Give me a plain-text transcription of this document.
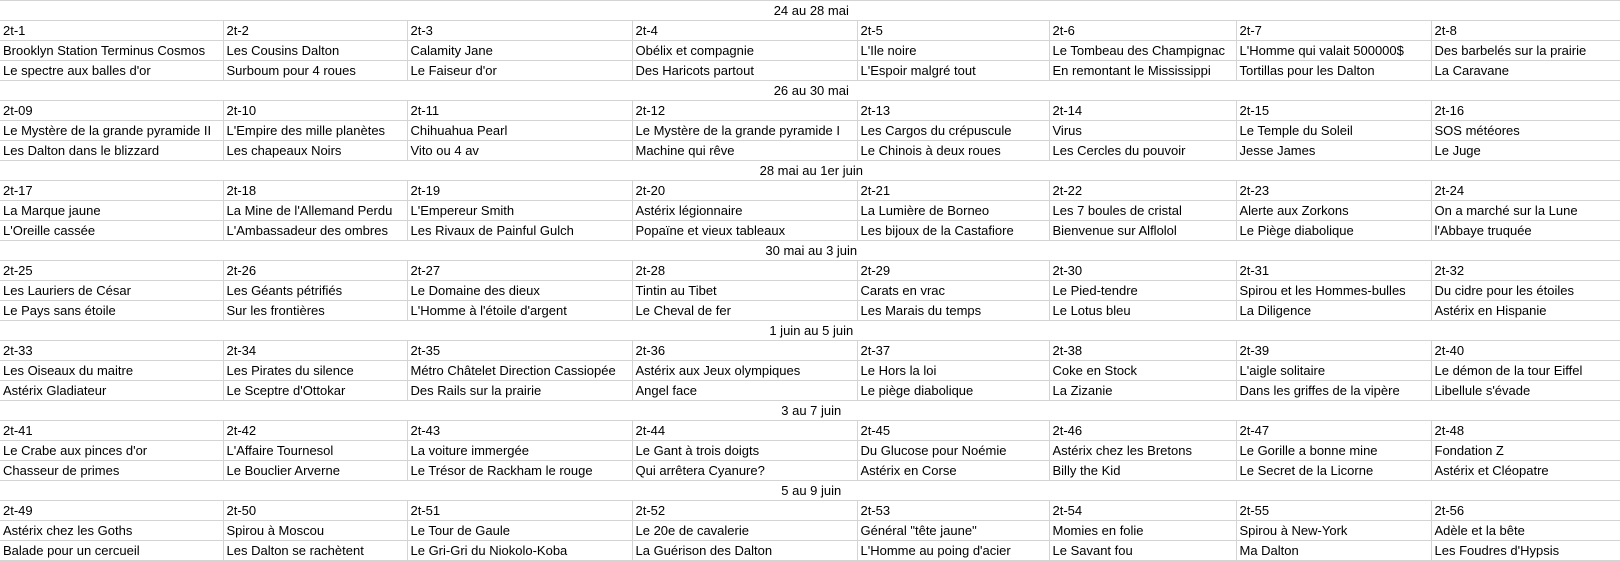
24 au 28 mai							
2t-1	2t-2	2t-3	2t-4	2t-5	2t-6	2t-7	2t-8
Brooklyn Station Terminus Cosmos	Les Cousins Dalton	Calamity Jane	Obélix et compagnie	L'Ile noire	Le Tombeau des Champignac	L'Homme qui valait 500000$	Des barbelés sur la prairie
Le spectre aux balles d'or	Surboum pour 4 roues	Le Faiseur d'or	Des Haricots partout	L'Espoir malgré tout	En remontant le Mississippi	Tortillas pour les Dalton	La Caravane
26 au 30 mai							
2t-09	2t-10	2t-11	2t-12	2t-13	2t-14	2t-15	2t-16
Le Mystère de la grande pyramide II	L'Empire des mille planètes	Chihuahua Pearl	Le Mystère de la grande pyramide I	Les Cargos du crépuscule	Virus	Le Temple du Soleil	SOS météores
Les Dalton dans le blizzard	Les chapeaux Noirs	Vito ou 4 av	Machine qui rêve	Le Chinois à deux roues	Les Cercles du pouvoir	Jesse James	Le Juge
28 mai au 1er juin							
2t-17	2t-18	2t-19	2t-20	2t-21	2t-22	2t-23	2t-24
La Marque jaune	La Mine de l'Allemand Perdu	L'Empereur Smith	Astérix légionnaire	La Lumière de Borneo	Les 7 boules de cristal	Alerte aux Zorkons	On a marché sur la Lune
L'Oreille cassée	L'Ambassadeur des ombres	Les Rivaux de Painful Gulch	Popaïne et vieux tableaux	Les bijoux de la Castafiore	Bienvenue sur Alflolol	Le Piège diabolique	l'Abbaye truquée
30 mai au 3 juin							
2t-25	2t-26	2t-27	2t-28	2t-29	2t-30	2t-31	2t-32
Les Lauriers de César	Les Géants pétrifiés	Le Domaine des dieux	Tintin au Tibet	Carats en vrac	Le Pied-tendre	Spirou et les Hommes-bulles	Du cidre pour les étoiles
Le Pays sans étoile	Sur les frontières	L'Homme à l'étoile d'argent	Le Cheval de fer	Les Marais du temps	Le Lotus bleu	La Diligence	Astérix en Hispanie
1 juin au 5 juin							
2t-33	2t-34	2t-35	2t-36	2t-37	2t-38	2t-39	2t-40
Les Oiseaux du maitre	Les Pirates du silence	Métro Châtelet Direction Cassiopée	Astérix aux Jeux olympiques	Le Hors la loi	Coke en Stock	L'aigle solitaire	Le démon de la tour Eiffel
Astérix Gladiateur	Le Sceptre d'Ottokar	Des Rails sur la prairie	Angel face	Le piège diabolique	La Zizanie	Dans les griffes de la vipère	Libellule s'évade
3 au 7 juin							
2t-41	2t-42	2t-43	2t-44	2t-45	2t-46	2t-47	2t-48
Le Crabe aux pinces d'or	L'Affaire Tournesol	La voiture immergée	Le Gant à trois doigts	Du Glucose pour Noémie	Astérix chez les Bretons	Le Gorille a bonne mine	Fondation Z
Chasseur de primes	Le Bouclier Arverne	Le Trésor de Rackham le rouge	Qui arrêtera Cyanure?	Astérix en Corse	Billy the Kid	Le Secret de la Licorne	Astérix et Cléopatre
5 au 9 juin							
2t-49	2t-50	2t-51	2t-52	2t-53	2t-54	2t-55	2t-56
Astérix chez les Goths	Spirou à Moscou	Le Tour de Gaule	Le 20e de cavalerie	Général "tête jaune"	Momies en folie	Spirou à New-York	Adèle et la bête
Balade pour un cercueil	Les Dalton se rachètent	Le Gri-Gri du Niokolo-Koba	La Guérison des Dalton	L'Homme au poing d'acier	Le Savant fou	Ma Dalton	Les Foudres d'Hypsis
